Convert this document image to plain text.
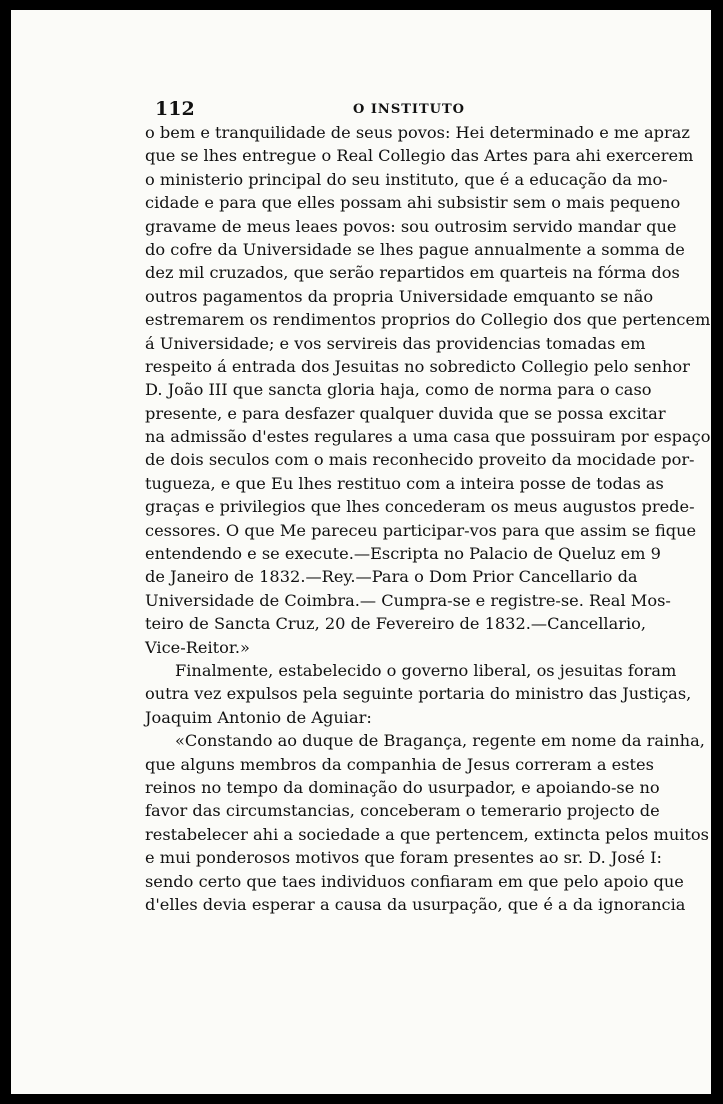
112	O INSTITUTO
o bem e tranquilidade de seus povos: Hei determinado e me apraz
que se lhes entregue o Real Collegio das Artes para ahi exercerem
o ministerio principal do seu instituto, que é a educação da mo-
cidade e para que elles possam ahi subsistir sem o mais pequeno
gravame de meus leaes povos: sou outrosim servido mandar que
do cofre da Universidade se lhes pague annualmente a somma de
dez mil cruzados, que serão repartidos em quarteis na fórma dos
outros pagamentos da propria Universidade emquanto se não
estremarem os rendimentos proprios do Collegio dos que pertencem
á Universidade; e vos servireis das providencias tomadas em
respeito á entrada dos Jesuitas no sobredicto Collegio pelo senhor
D. João III que sancta gloria haja, como de norma para o caso
presente, e para desfazer qualquer duvida que se possa excitar
na admissão d'estes regulares a uma casa que possuiram por espaço
de dois seculos com o mais reconhecido proveito da mocidade por-
tugueza, e que Eu lhes restituo com a inteira posse de todas as
graças e privilegios que lhes concederam os meus augustos prede-
cessores. O que Me pareceu participar-vos para que assim se fique
entendendo e se execute.—Escripta no Palacio de Queluz em 9
de Janeiro de 1832.—Rey.—Para o Dom Prior Cancellario da
Universidade de Coimbra.— Cumpra-se e registre-se. Real Mos-
teiro de Sancta Cruz, 20 de Fevereiro de 1832.—Cancellario,
Vice-Reitor.»
Finalmente, estabelecido o governo liberal, os jesuitas foram
outra vez expulsos pela seguinte portaria do ministro das Justiças,
Joaquim Antonio de Aguiar:
«Constando ao duque de Bragança, regente em nome da rainha,
que alguns membros da companhia de Jesus correram a estes
reinos no tempo da dominação do usurpador, e apoiando-se no
favor das circumstancias, conceberam o temerario projecto de
restabelecer ahi a sociedade a que pertencem, extincta pelos muitos
e mui ponderosos motivos que foram presentes ao sr. D. José I:
sendo certo que taes individuos confiaram em que pelo apoio que
d'elles devia esperar a causa da usurpação, que é a da ignorancia
